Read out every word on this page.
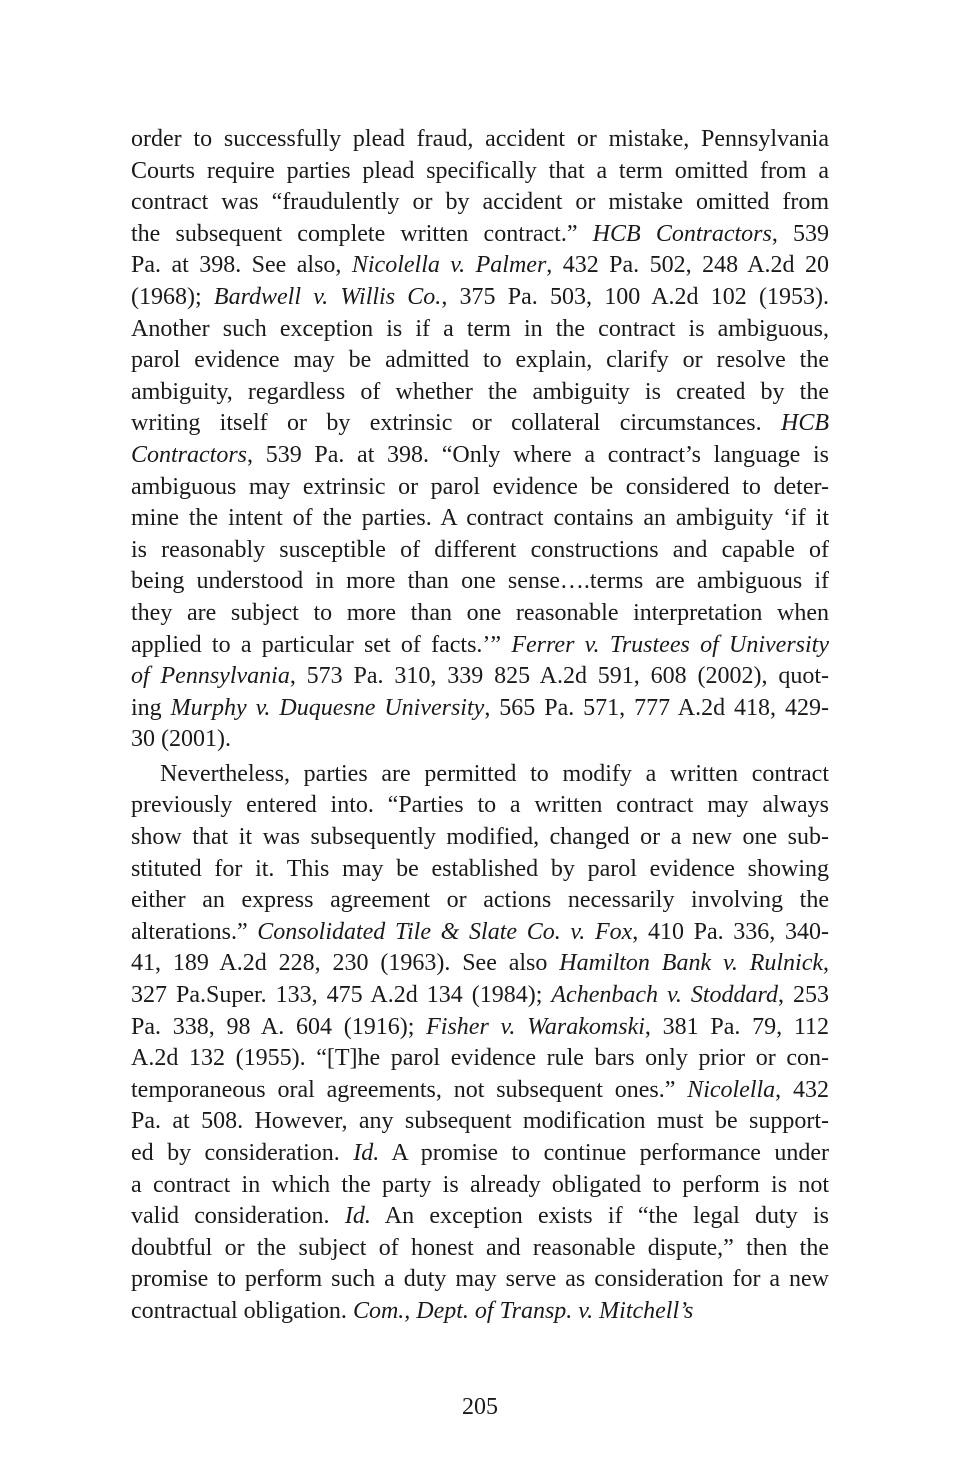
order to successfully plead fraud, accident or mistake, Pennsylvania
Courts require parties plead specifically that a term omitted from a
contract was “fraudulently or by accident or mistake omitted from
the subsequent complete written contract.” HCB Contractors, 539
Pa. at 398. See also, Nicolella v. Palmer, 432 Pa. 502, 248 A.2d 20
(1968); Bardwell v. Willis Co., 375 Pa. 503, 100 A.2d 102 (1953).
Another such exception is if a term in the contract is ambiguous,
parol evidence may be admitted to explain, clarify or resolve the
ambiguity, regardless of whether the ambiguity is created by the
writing itself or by extrinsic or collateral circumstances. HCB
Contractors, 539 Pa. at 398. “Only where a contract’s language is
ambiguous may extrinsic or parol evidence be considered to deter-
mine the intent of the parties. A contract contains an ambiguity ‘if it
is reasonably susceptible of different constructions and capable of
being understood in more than one sense….terms are ambiguous if
they are subject to more than one reasonable interpretation when
applied to a particular set of facts.’” Ferrer v. Trustees of University
of Pennsylvania, 573 Pa. 310, 339 825 A.2d 591, 608 (2002), quot-
ing Murphy v. Duquesne University, 565 Pa. 571, 777 A.2d 418, 429-
30 (2001).
Nevertheless, parties are permitted to modify a written contract
previously entered into. “Parties to a written contract may always
show that it was subsequently modified, changed or a new one sub-
stituted for it. This may be established by parol evidence showing
either an express agreement or actions necessarily involving the
alterations.” Consolidated Tile & Slate Co. v. Fox, 410 Pa. 336, 340-
41, 189 A.2d 228, 230 (1963). See also Hamilton Bank v. Rulnick,
327 Pa.Super. 133, 475 A.2d 134 (1984); Achenbach v. Stoddard, 253
Pa. 338, 98 A. 604 (1916); Fisher v. Warakomski, 381 Pa. 79, 112
A.2d 132 (1955). “[T]he parol evidence rule bars only prior or con-
temporaneous oral agreements, not subsequent ones.” Nicolella, 432
Pa. at 508. However, any subsequent modification must be support-
ed by consideration. Id. A promise to continue performance under
a contract in which the party is already obligated to perform is not
valid consideration. Id. An exception exists if “the legal duty is
doubtful or the subject of honest and reasonable dispute,” then the
promise to perform such a duty may serve as consideration for a new
contractual obligation. Com., Dept. of Transp. v. Mitchell’s
205
